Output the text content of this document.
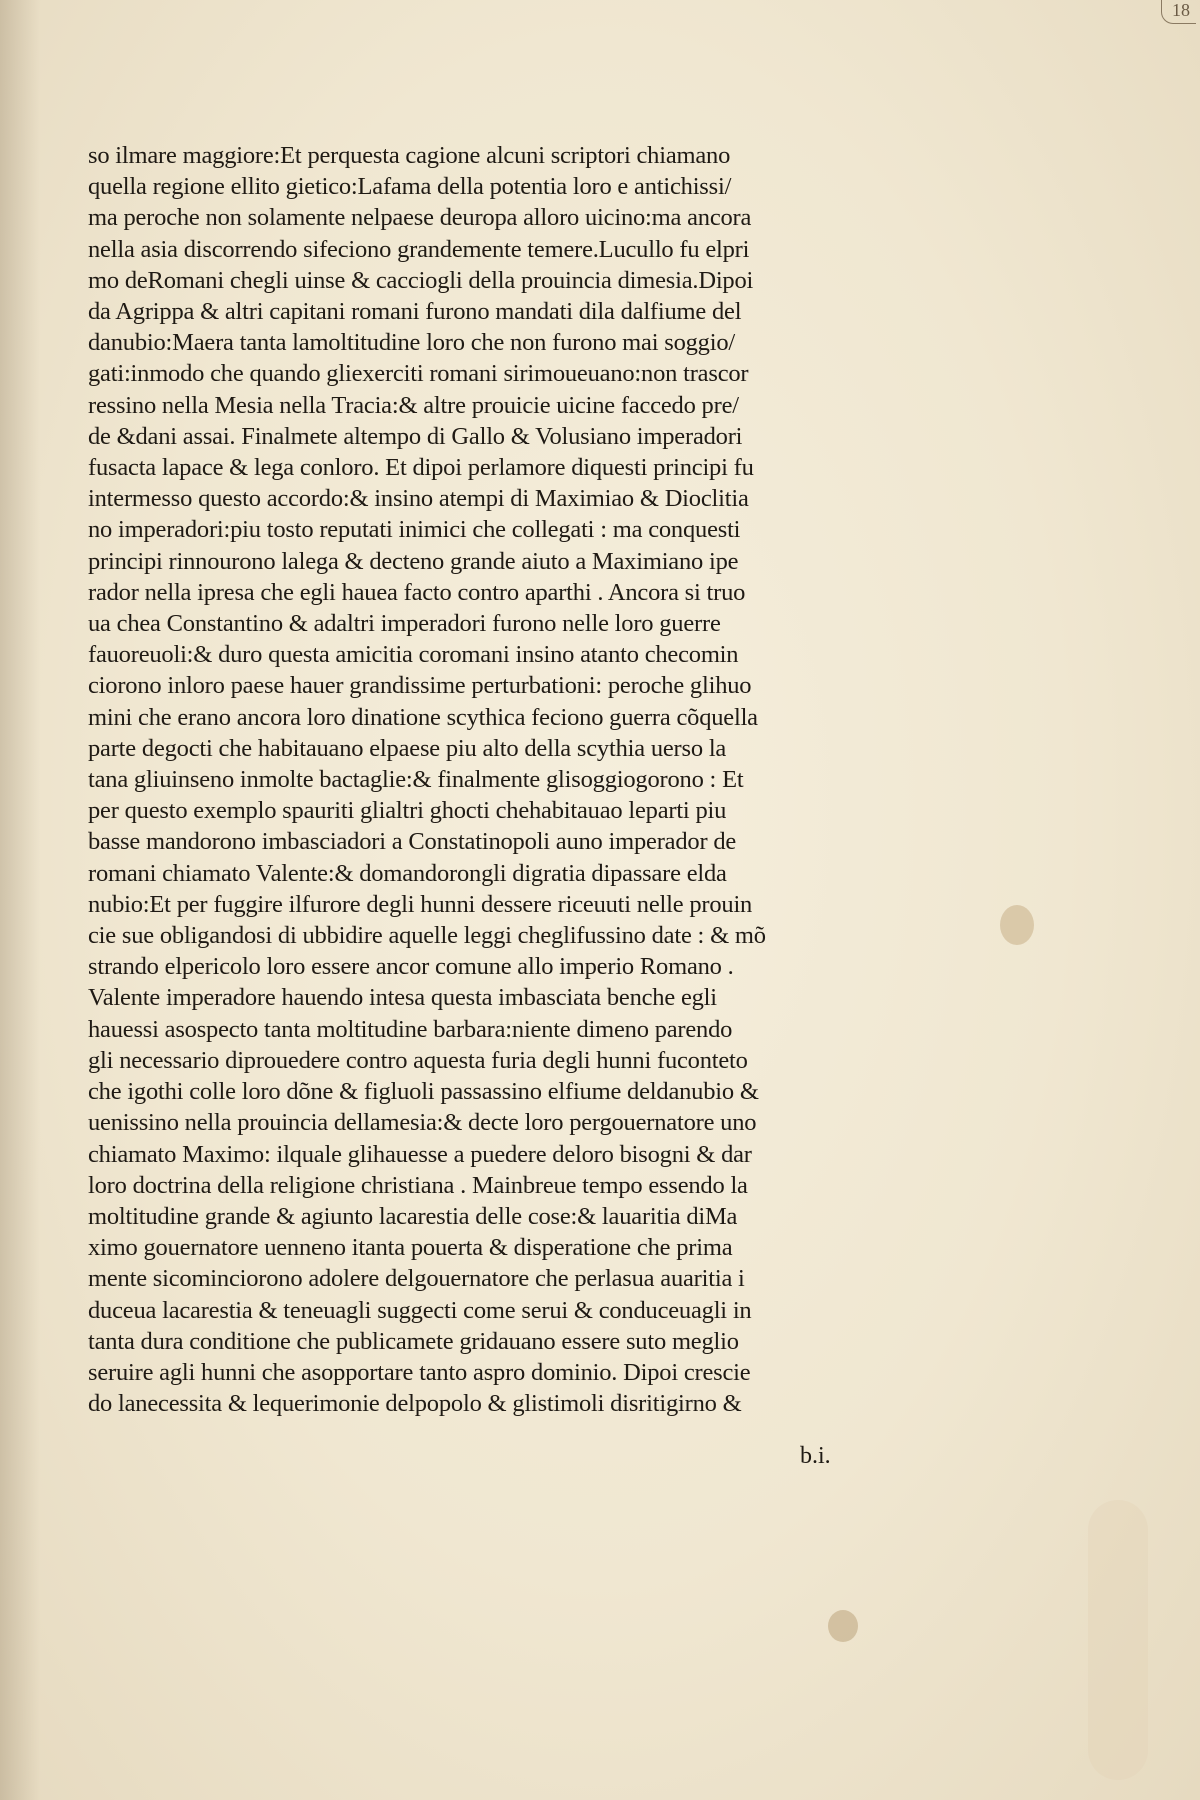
18
so ilmare maggiore:Et perquesta cagione alcuni scriptori chiamano
quella regione ellito gietico:Lafama della potentia loro e antichissi/
ma peroche non solamente nelpaese deuropa alloro uicino:ma ancora
nella asia discorrendo sifeciono grandemente temere.Lucullo fu elpri
mo deRomani chegli uinse & cacciogli della prouincia dimesia.Dipoi
da Agrippa & altri capitani romani furono mandati dila dalfiume del
danubio:Maera tanta lamoltitudine loro che non furono mai soggio/
gati:inmodo che quando gliexerciti romani sirimoueuano:non trascor
ressino nella Mesia nella Tracia:& altre prouicie uicine faccedo pre/
de &dani assai. Finalmete altempo di Gallo & Volusiano imperadori
fusacta lapace & lega conloro. Et dipoi perlamore diquesti principi fu
intermesso questo accordo:& insino atempi di Maximiao & Dioclitia
no imperadori:piu tosto reputati inimici che collegati : ma conquesti
principi rinnourono lalega & decteno grande aiuto a Maximiano ipe
rador nella ipresa che egli hauea facto contro aparthi . Ancora si truo
ua chea Constantino & adaltri imperadori furono nelle loro guerre
fauoreuoli:& duro questa amicitia coromani insino atanto checomin
ciorono inloro paese hauer grandissime perturbationi: peroche glihuo
mini che erano ancora loro dinatione scythica feciono guerra cõquella
parte degocti che habitauano elpaese piu alto della scythia uerso la
tana gliuinseno inmolte bactaglie:& finalmente glisoggiogorono : Et
per questo exemplo spauriti glialtri ghocti chehabitauao leparti piu
basse mandorono imbasciadori a Constatinopoli auno imperador de
romani chiamato Valente:& domandorongli digratia dipassare elda
nubio:Et per fuggire ilfurore degli hunni dessere riceuuti nelle prouin
cie sue obligandosi di ubbidire aquelle leggi cheglifussino date : & mõ
strando elpericolo loro essere ancor comune allo imperio Romano .
Valente imperadore hauendo intesa questa imbasciata benche egli
hauessi asospecto tanta moltitudine barbara:niente dimeno parendo
gli necessario diprouedere contro aquesta furia degli hunni fuconteto
che igothi colle loro dõne & figluoli passassino elfiume deldanubio &
uenissino nella prouincia dellamesia:& decte loro pergouernatore uno
chiamato Maximo: ilquale glihauesse a puedere deloro bisogni & dar
loro doctrina della religione christiana . Mainbreue tempo essendo la
moltitudine grande & agiunto lacarestia delle cose:& lauaritia diMa
ximo gouernatore uenneno itanta pouerta & disperatione che prima
mente sicominciorono adolere delgouernatore che perlasua auaritia i
duceua lacarestia & teneuagli suggecti come serui & conduceuagli in
tanta dura conditione che publicamete gridauano essere suto meglio
seruire agli hunni che asopportare tanto aspro dominio. Dipoi crescie
do lanecessita & lequerimonie delpopolo & glistimoli disritigirno &
b.i.
